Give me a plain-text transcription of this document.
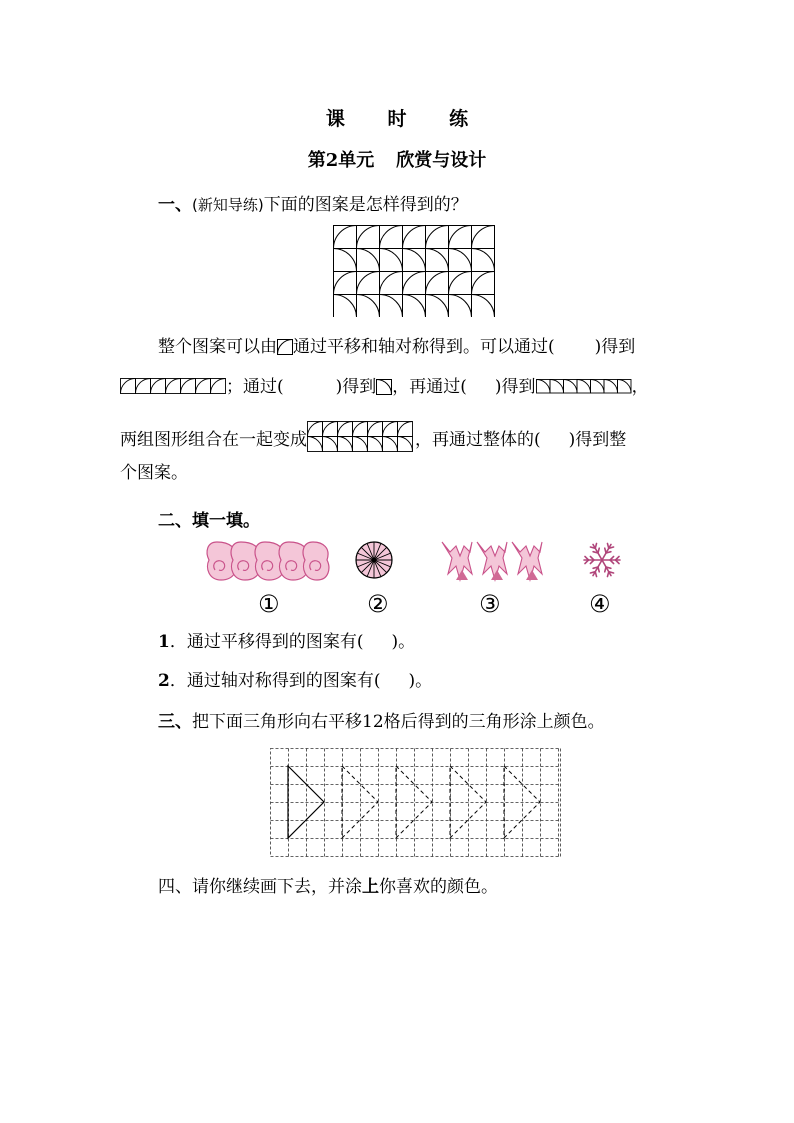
课 时 练
第2单元 欣赏与设计
一、(新知导练)下面的图案是怎样得到的？
整个图案可以由 通过平移和轴对称得到。可以通过( )得到
；通过(	)得到 ，再通过( )得到	，
两组图形组合在一起变成	，再通过整体的( )得到整
个图案。
二、填一填。
①	②	③	④
1．通过平移得到的图案有( )。
2．通过轴对称得到的图案有( )。
三、把下面三角形向右平移12格后得到的三角形涂上颜色。
四、请你继续画下去，并涂上你喜欢的颜色。
